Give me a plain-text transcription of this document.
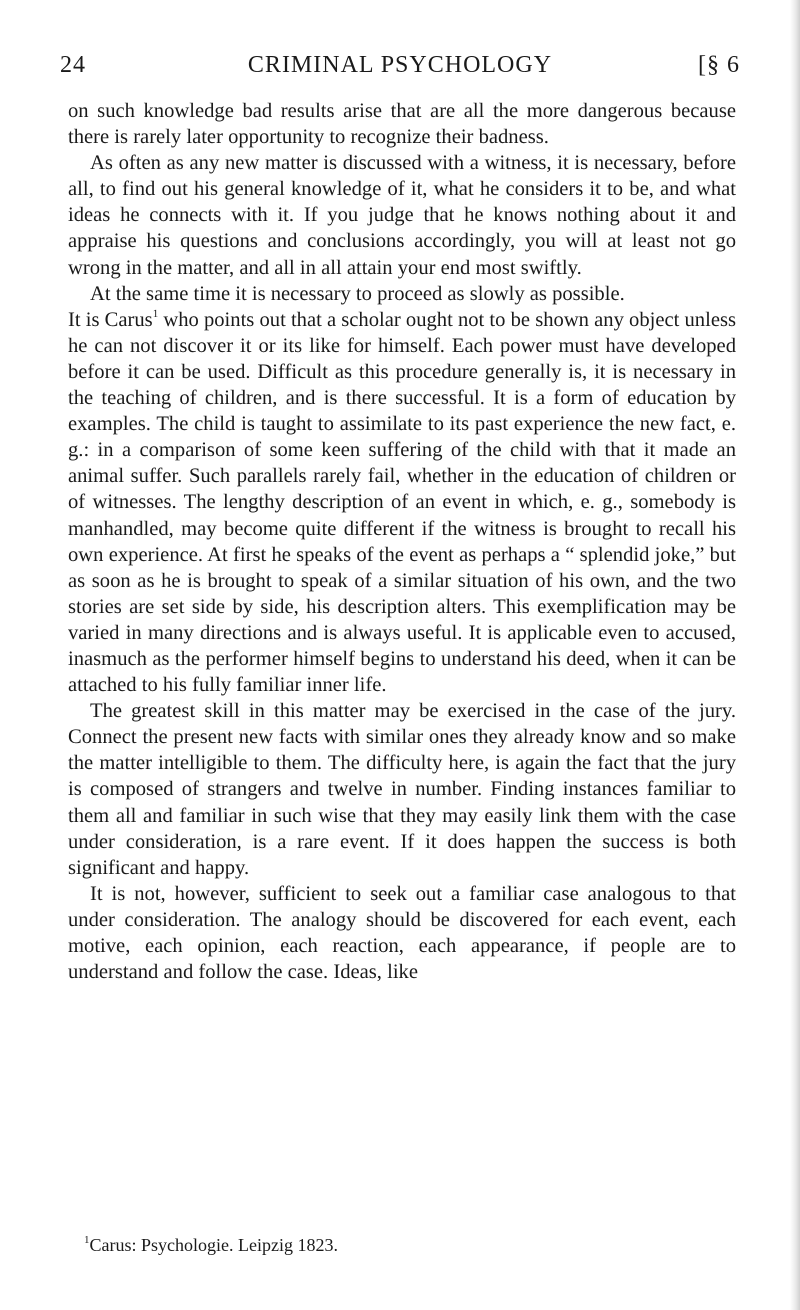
24	CRIMINAL PSYCHOLOGY	[§ 6

on such knowledge bad results arise that are all the more dangerous because there is rarely later opportunity to recognize their badness.

As often as any new matter is discussed with a witness, it is necessary, before all, to find out his general knowledge of it, what he considers it to be, and what ideas he connects with it. If you judge that he knows nothing about it and appraise his questions and conclusions accordingly, you will at least not go wrong in the matter, and all in all attain your end most swiftly.

At the same time it is necessary to proceed as slowly as possible.

It is Carus$^1$ who points out that a scholar ought not to be shown any object unless he can not discover it or its like for himself. Each power must have developed before it can be used. Difficult as this procedure generally is, it is necessary in the teaching of children, and is there successful. It is a form of education by examples. The child is taught to assimilate to its past experience the new fact, e. g.: in a comparison of some keen suffering of the child with that it made an animal suffer. Such parallels rarely fail, whether in the education of children or of witnesses. The lengthy description of an event in which, e. g., somebody is manhandled, may become quite different if the witness is brought to recall his own experience. At first he speaks of the event as perhaps a “ splendid joke,” but as soon as he is brought to speak of a similar situation of his own, and the two stories are set side by side, his description alters. This exemplification may be varied in many directions and is always useful. It is applicable even to accused, inasmuch as the performer himself begins to understand his deed, when it can be attached to his fully familiar inner life.

The greatest skill in this matter may be exercised in the case of the jury. Connect the present new facts with similar ones they already know and so make the matter intelligible to them. The difficulty here, is again the fact that the jury is composed of strangers and twelve in number. Finding instances familiar to them all and familiar in such wise that they may easily link them with the case under consideration, is a rare event. If it does happen the success is both significant and happy.

It is not, however, sufficient to seek out a familiar case analogous to that under consideration. The analogy should be discovered for each event, each motive, each opinion, each reaction, each appearance, if people are to understand and follow the case. Ideas, like

$^1$Carus: Psychologie. Leipzig 1823.
